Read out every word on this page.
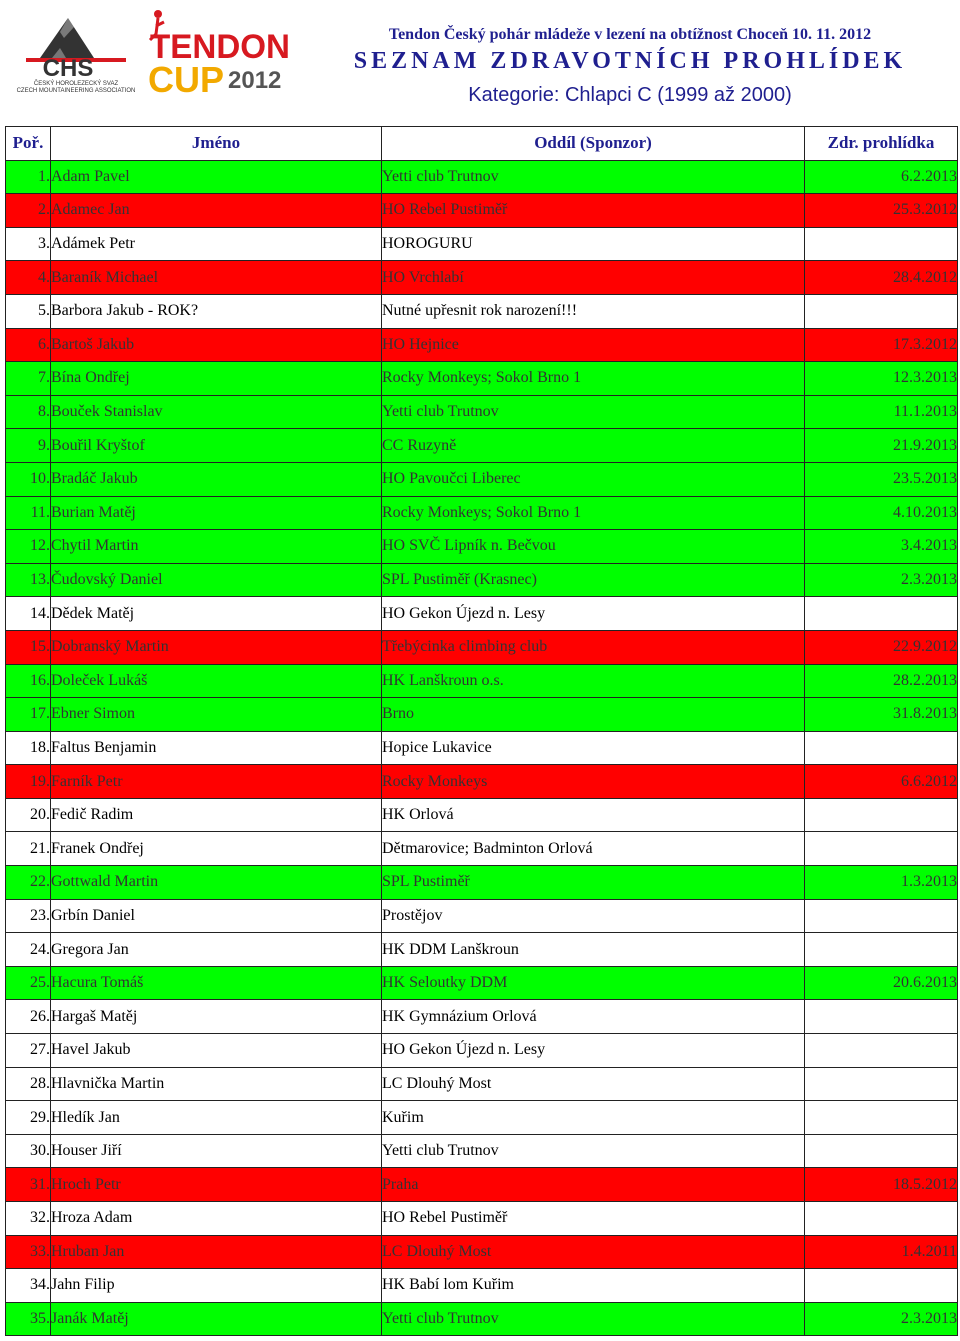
CHS
ČESKÝ HOROLEZECKÝ SVAZ
CZECH MOUNTAINEERING ASSOCIATION
TENDON
CUP 2012
Tendon Český pohár mládeže v lezení na obtížnost Choceň 10. 11. 2012
SEZNAM ZDRAVOTNÍCH PROHLÍDEK
Kategorie: Chlapci C (1999 až 2000)
Poř.	Jméno	Oddíl (Sponzor)	Zdr. prohlídka
1.	Adam Pavel	Yetti club Trutnov	6.2.2013
2.	Adamec Jan	HO Rebel Pustiměř	25.3.2012
3.	Adámek Petr	HOROGURU	
4.	Baraník Michael	HO Vrchlabí	28.4.2012
5.	Barbora Jakub - ROK?	Nutné upřesnit rok narození!!!	
6.	Bartoš Jakub	HO Hejnice	17.3.2012
7.	Bína Ondřej	Rocky Monkeys; Sokol Brno 1	12.3.2013
8.	Bouček Stanislav	Yetti club Trutnov	11.1.2013
9.	Bouřil Kryštof	CC Ruzyně	21.9.2013
10.	Bradáč Jakub	HO Pavoučci Liberec	23.5.2013
11.	Burian Matěj	Rocky Monkeys; Sokol Brno 1	4.10.2013
12.	Chytil Martin	HO SVČ Lipník n. Bečvou	3.4.2013
13.	Čudovský Daniel	SPL Pustiměř (Krasnec)	2.3.2013
14.	Dědek Matěj	HO Gekon Újezd n. Lesy	
15.	Dobranský Martin	Třebýcinka climbing club	22.9.2012
16.	Doleček Lukáš	HK Lanškroun o.s.	28.2.2013
17.	Ebner Simon	Brno	31.8.2013
18.	Faltus Benjamin	Hopice Lukavice	
19.	Farník Petr	Rocky Monkeys	6.6.2012
20.	Fedič Radim	HK Orlová	
21.	Franek Ondřej	Dětmarovice; Badminton Orlová	
22.	Gottwald Martin	SPL Pustiměř	1.3.2013
23.	Grbín Daniel	Prostějov	
24.	Gregora Jan	HK DDM Lanškroun	
25.	Hacura Tomáš	HK Seloutky DDM	20.6.2013
26.	Hargaš Matěj	HK Gymnázium Orlová	
27.	Havel Jakub	HO Gekon Újezd n. Lesy	
28.	Hlavnička Martin	LC Dlouhý Most	
29.	Hledík Jan	Kuřim	
30.	Houser Jiří	Yetti club Trutnov	
31.	Hroch Petr	Praha	18.5.2012
32.	Hroza Adam	HO Rebel Pustiměř	
33.	Hruban Jan	LC Dlouhý Most	1.4.2011
34.	Jahn Filip	HK Babí lom Kuřim	
35.	Janák Matěj	Yetti club Trutnov	2.3.2013
